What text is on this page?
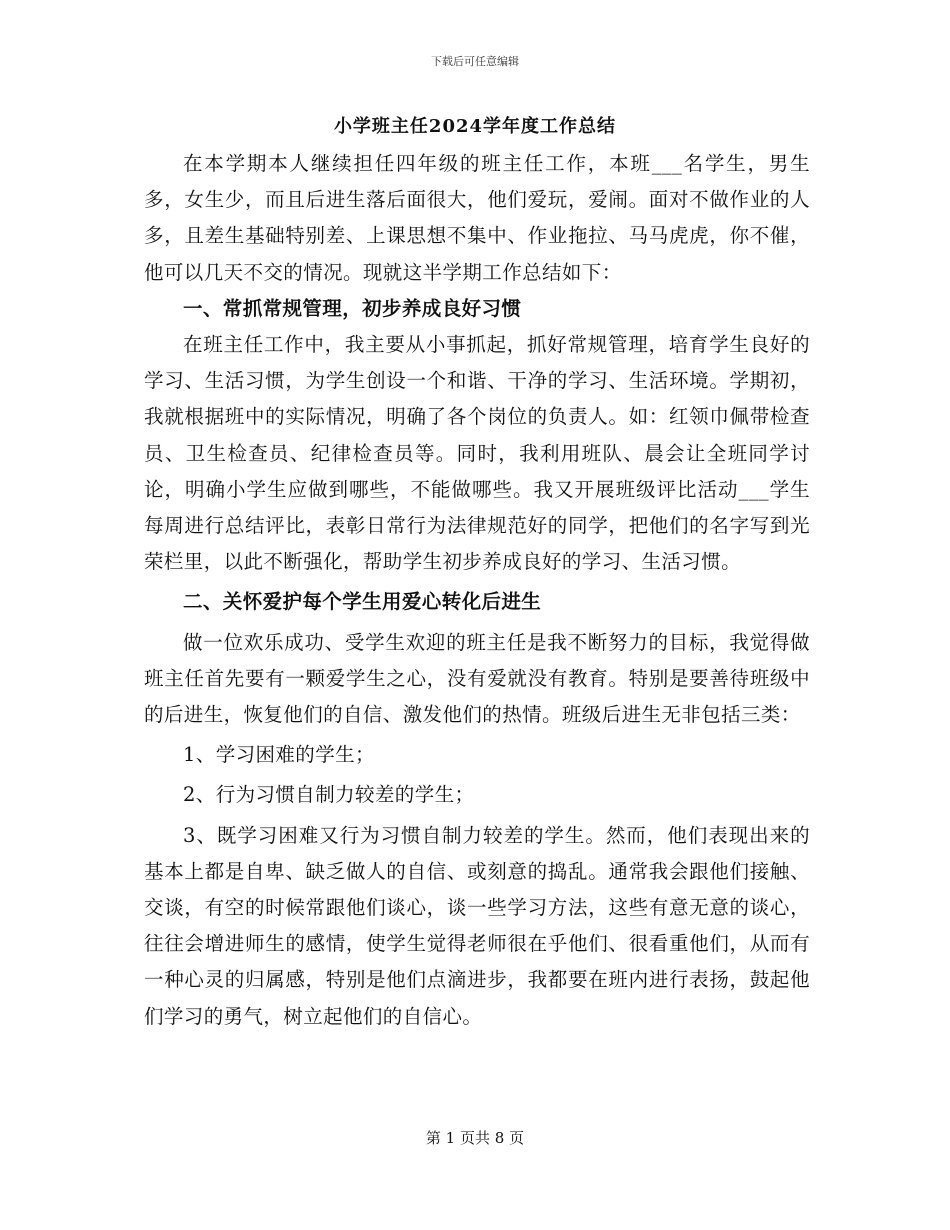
下载后可任意编辑
小学班主任2024学年度工作总结

在本学期本人继续担任四年级的班主任工作，本班___名学生，男生多，女生少，而且后进生落后面很大，他们爱玩，爱闹。面对不做作业的人多，且差生基础特别差、上课思想不集中、作业拖拉、马马虎虎，你不催，他可以几天不交的情况。现就这半学期工作总结如下：

一、常抓常规管理，初步养成良好习惯

在班主任工作中，我主要从小事抓起，抓好常规管理，培育学生良好的学习、生活习惯，为学生创设一个和谐、干净的学习、生活环境。学期初，我就根据班中的实际情况，明确了各个岗位的负责人。如：红领巾佩带检查员、卫生检查员、纪律检查员等。同时，我利用班队、晨会让全班同学讨论，明确小学生应做到哪些，不能做哪些。我又开展班级评比活动___学生每周进行总结评比，表彰日常行为法律规范好的同学，把他们的名字写到光荣栏里，以此不断强化，帮助学生初步养成良好的学习、生活习惯。

二、关怀爱护每个学生用爱心转化后进生

做一位欢乐成功、受学生欢迎的班主任是我不断努力的目标，我觉得做班主任首先要有一颗爱学生之心，没有爱就没有教育。特别是要善待班级中的后进生，恢复他们的自信、激发他们的热情。班级后进生无非包括三类：

1、学习困难的学生；

2、行为习惯自制力较差的学生；

3、既学习困难又行为习惯自制力较差的学生。然而，他们表现出来的基本上都是自卑、缺乏做人的自信、或刻意的捣乱。通常我会跟他们接触、交谈，有空的时候常跟他们谈心，谈一些学习方法，这些有意无意的谈心，往往会增进师生的感情，使学生觉得老师很在乎他们、很看重他们，从而有一种心灵的归属感，特别是他们点滴进步，我都要在班内进行表扬，鼓起他们学习的勇气，树立起他们的自信心。

第 1 页共 8 页
